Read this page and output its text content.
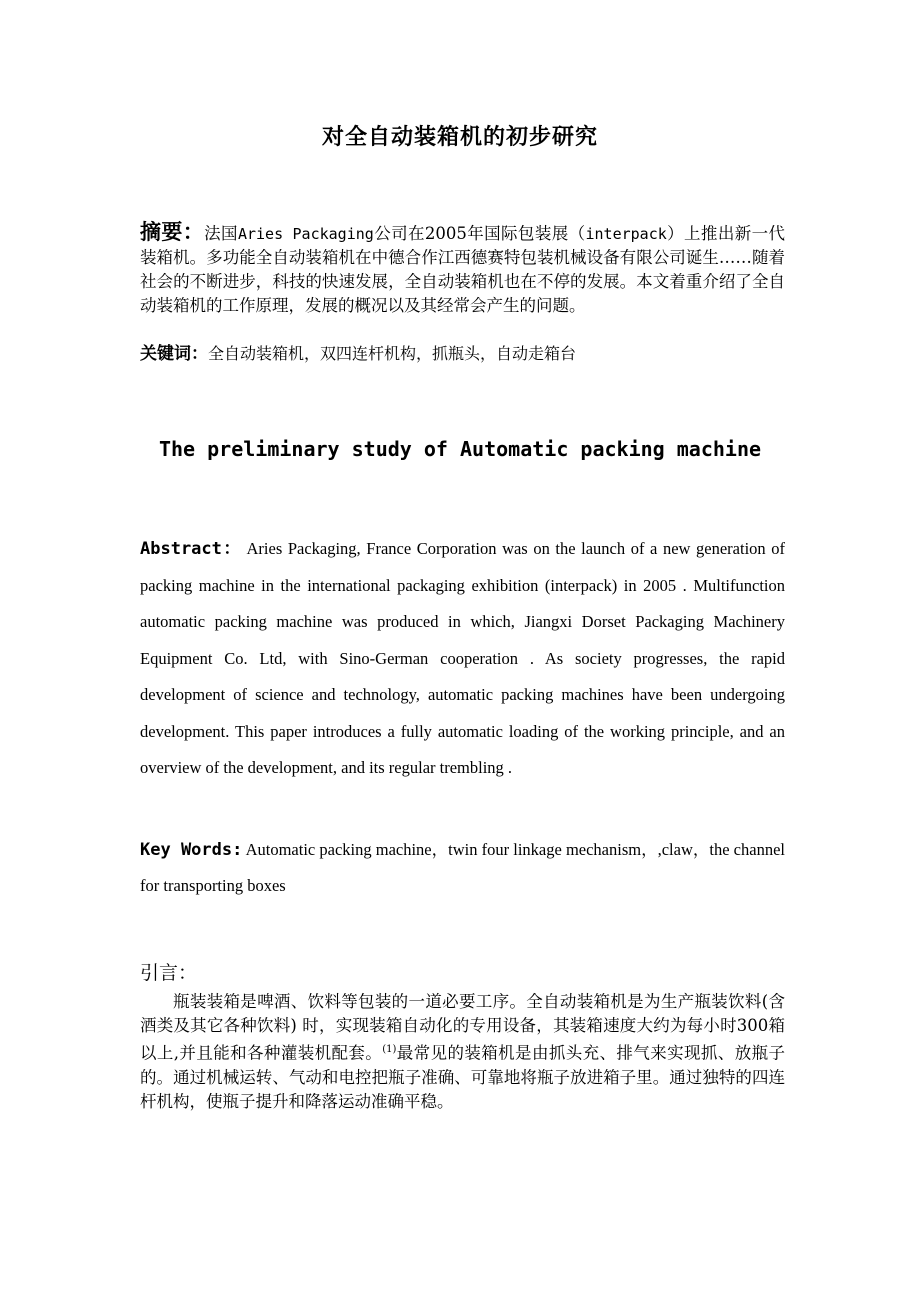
对全自动装箱机的初步研究
摘要：法国Aries Packaging公司在2005年国际包装展（interpack）上推出新一代装箱机。多功能全自动装箱机在中德合作江西德赛特包装机械设备有限公司诞生……随着社会的不断进步，科技的快速发展，全自动装箱机也在不停的发展。本文着重介绍了全自动装箱机的工作原理，发展的概况以及其经常会产生的问题。
关键词：全自动装箱机，双四连杆机构，抓瓶头，自动走箱台
The preliminary study of Automatic packing machine
Abstract： Aries Packaging, France Corporation was on the launch of a new generation of packing machine in the international packaging exhibition (interpack) in 2005 . Multifunction automatic packing machine was produced in which, Jiangxi Dorset Packaging Machinery Equipment Co. Ltd, with Sino-German cooperation . As society progresses, the rapid development of science and technology, automatic packing machines have been undergoing development. This paper introduces a fully automatic loading of the working principle, and an overview of the development, and its regular trembling .
Key Words: Automatic packing machine，twin four linkage mechanism，,claw，the channel for transporting boxes
引言：
瓶装装箱是啤酒、饮料等包装的一道必要工序。全自动装箱机是为生产瓶装饮料(含酒类及其它各种饮料) 时，实现装箱自动化的专用设备，其装箱速度大约为每小时300箱以上,并且能和各种灌装机配套。$^{(1)}$最常见的装箱机是由抓头充、排气来实现抓、放瓶子的。通过机械运转、气动和电控把瓶子准确、可靠地将瓶子放进箱子里。通过独特的四连杆机构，使瓶子提升和降落运动准确平稳。
